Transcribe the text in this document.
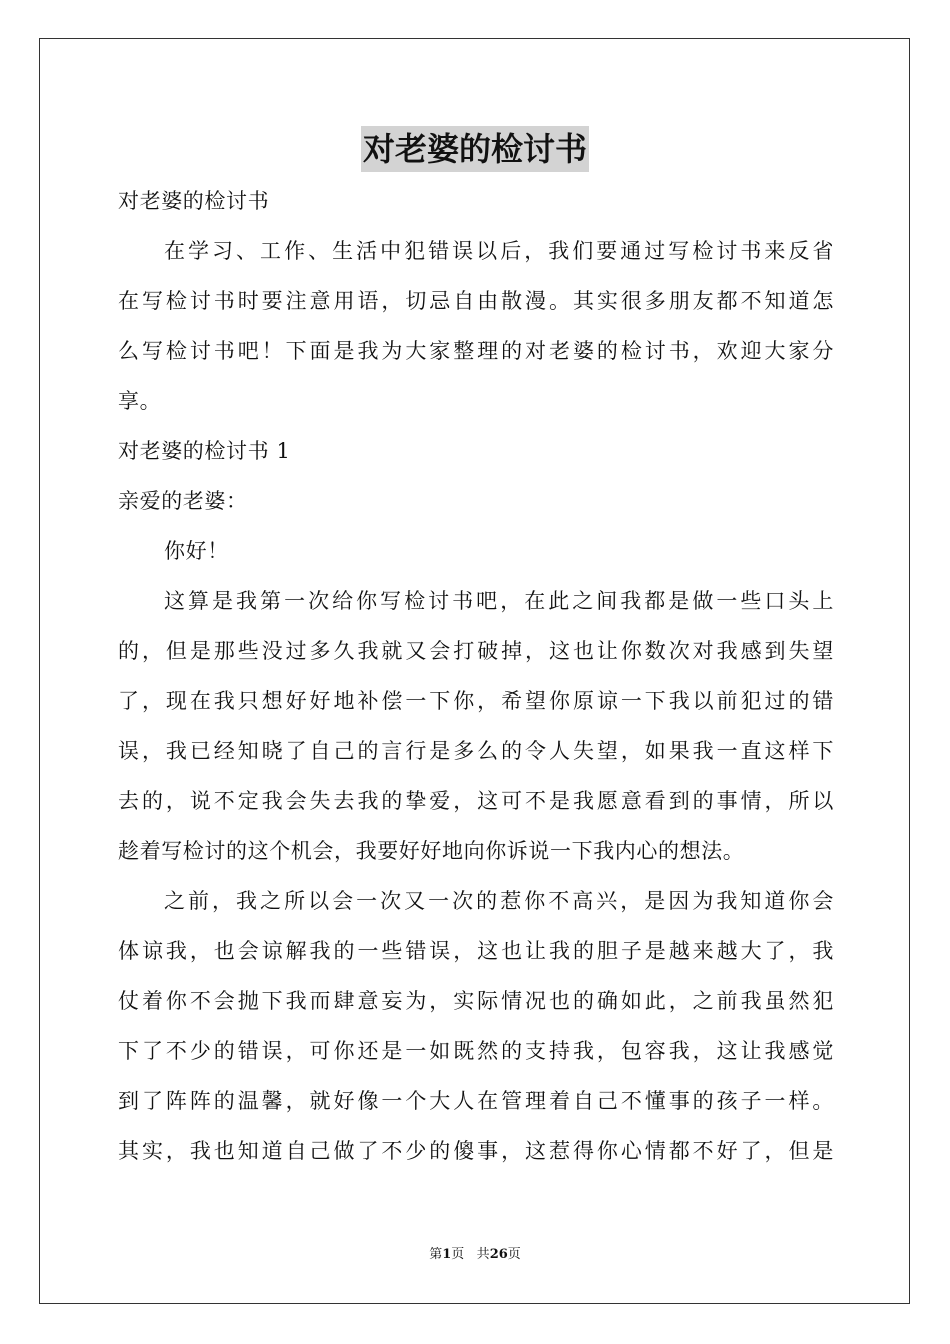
对老婆的检讨书
对老婆的检讨书
在学习、工作、生活中犯错误以后，我们要通过写检讨书来反省
在写检讨书时要注意用语，切忌自由散漫。其实很多朋友都不知道怎
么写检讨书吧！下面是我为大家整理的对老婆的检讨书，欢迎大家分
享。
对老婆的检讨书 1
亲爱的老婆：
你好！
这算是我第一次给你写检讨书吧，在此之间我都是做一些口头上
的，但是那些没过多久我就又会打破掉，这也让你数次对我感到失望
了，现在我只想好好地补偿一下你，希望你原谅一下我以前犯过的错
误，我已经知晓了自己的言行是多么的令人失望，如果我一直这样下
去的，说不定我会失去我的挚爱，这可不是我愿意看到的事情，所以
趁着写检讨的这个机会，我要好好地向你诉说一下我内心的想法。
之前，我之所以会一次又一次的惹你不高兴，是因为我知道你会
体谅我，也会谅解我的一些错误，这也让我的胆子是越来越大了，我
仗着你不会抛下我而肆意妄为，实际情况也的确如此，之前我虽然犯
下了不少的错误，可你还是一如既然的支持我，包容我，这让我感觉
到了阵阵的温馨，就好像一个大人在管理着自己不懂事的孩子一样。
其实，我也知道自己做了不少的傻事，这惹得你心情都不好了，但是
第1页 共26页
